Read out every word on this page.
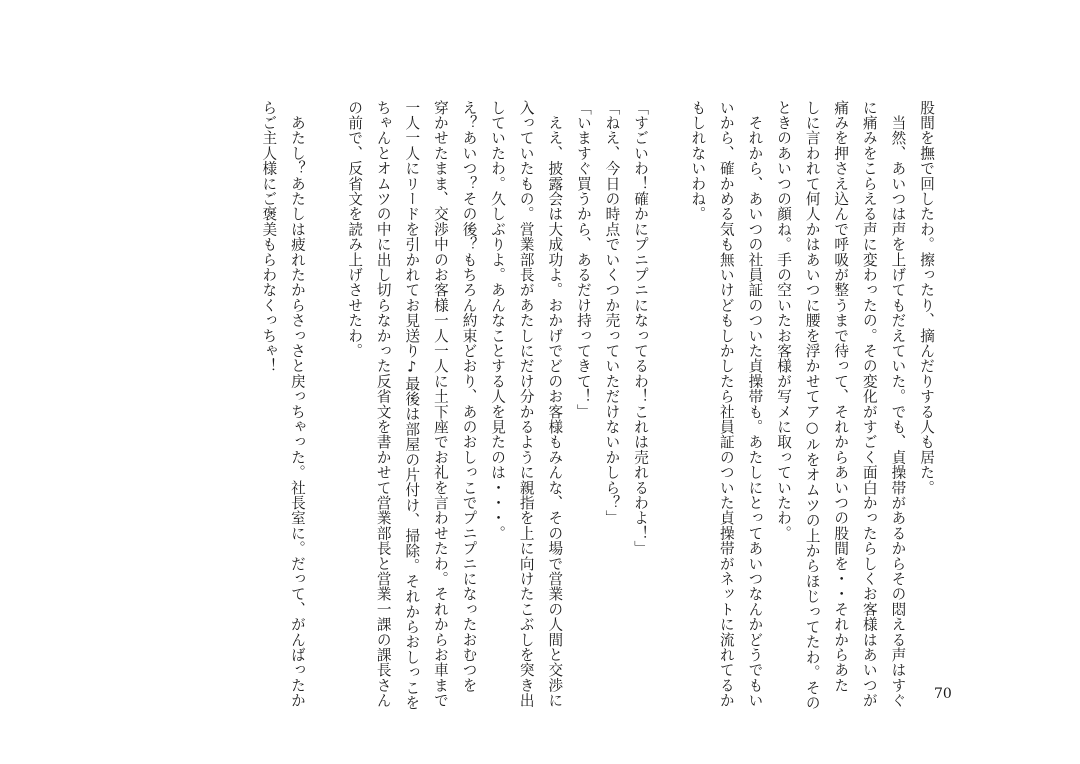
股間を撫で回したわ。擦ったり、摘んだりする人も居た。
　当然、あいつは声を上げてもだえていた。でも、貞操帯があるからその悶える声はすぐ
に痛みをこらえる声に変わったの。その変化がすごく面白かったらしくお客様はあいつが
痛みを押さえ込んで呼吸が整うまで待って、それからあいつの股間を・・それからあた
しに言われて何人かはあいつに腰を浮かせてア○ルをオムツの上からほじってたわ。その
ときのあいつの顔ね。手の空いたお客様が写メに取っていたわ。
　それから、あいつの社員証のついた貞操帯も。あたしにとってあいつなんかどうでもい
いから、確かめる気も無いけどもしかしたら社員証のついた貞操帯がネットに流れてるか
もしれないわね。
「すごいわ！確かにプニプニになってるわ！これは売れるわよ！」
「ねえ、今日の時点でいくつか売っていただけないかしら？」
「いますぐ買うから、あるだけ持ってきて！」
　ええ、披露会は大成功よ。おかげでどのお客様もみんな、その場で営業の人間と交渉に
入っていたもの。営業部長があたしにだけ分かるように親指を上に向けたこぶしを突き出
していたわ。久しぶりよ。あんなことする人を見たのは・・・。
え？あいつ？その後？もちろん約束どおり、あのおしっこでプニプニになったおむつを
穿かせたまま、交渉中のお客様一人一人に土下座でお礼を言わせたわ。それからお車まで
一人一人にリードを引かれてお見送り♪最後は部屋の片付け、掃除。それからおしっこを
ちゃんとオムツの中に出し切らなかった反省文を書かせて営業部長と営業一課の課長さん
の前で、反省文を読み上げさせたわ。
　あたし？あたしは疲れたからさっさと戻っちゃった。社長室に。だって、がんばったか
らご主人様にご褒美もらわなくっちゃ！
70
